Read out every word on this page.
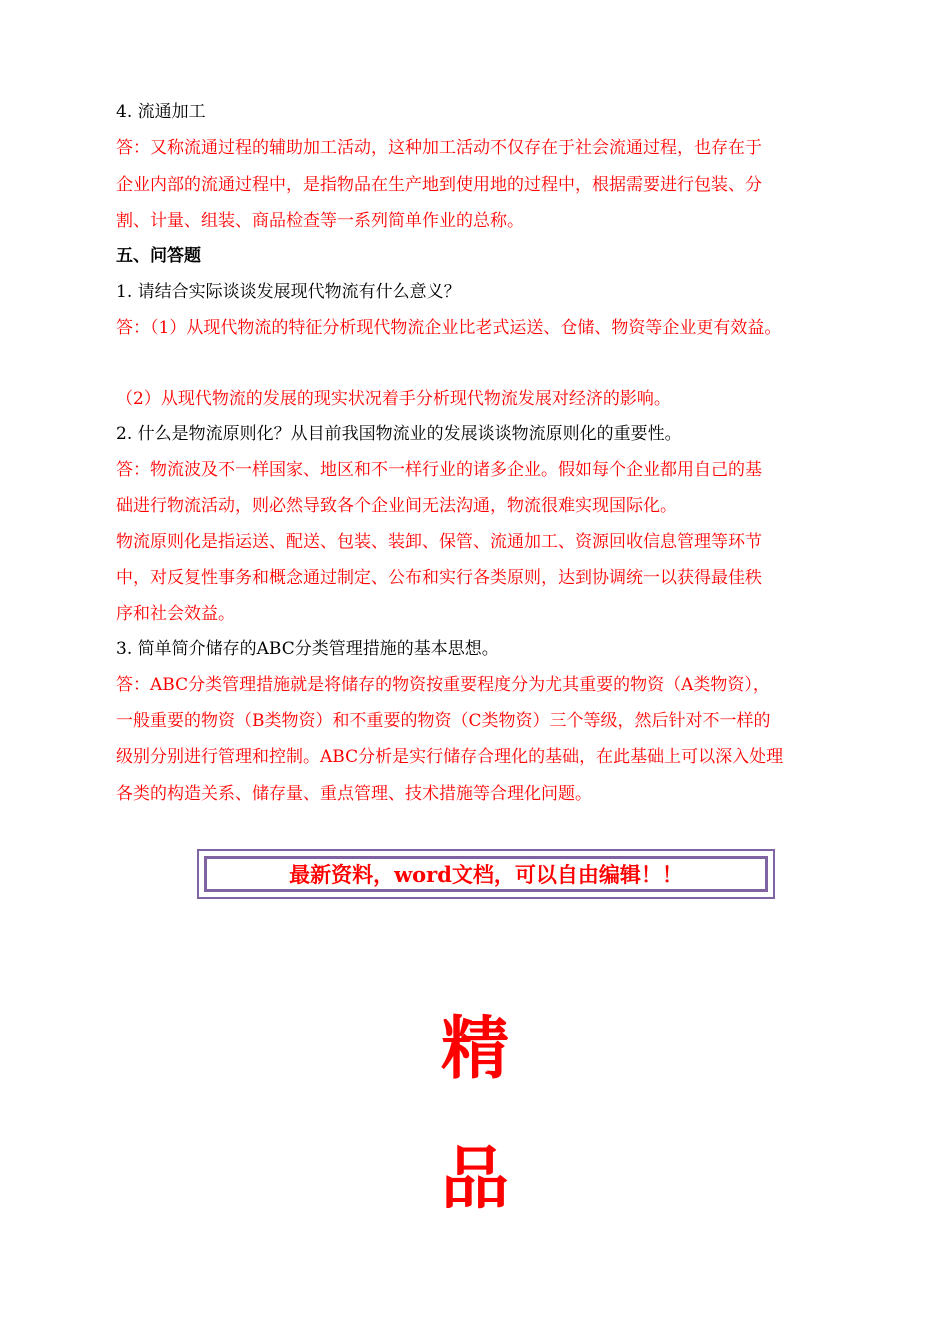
4. 流通加工
答：又称流通过程的辅助加工活动，这种加工活动不仅存在于社会流通过程，也存在于
企业内部的流通过程中，是指物品在生产地到使用地的过程中，根据需要进行包装、分
割、计量、组装、商品检查等一系列简单作业的总称。
五、问答题
1. 请结合实际谈谈发展现代物流有什么意义？
答：（1）从现代物流的特征分析现代物流企业比老式运送、仓储、物资等企业更有效益。
（2）从现代物流的发展的现实状况着手分析现代物流发展对经济的影响。
2. 什么是物流原则化？从目前我国物流业的发展谈谈物流原则化的重要性。
答：物流波及不一样国家、地区和不一样行业的诸多企业。假如每个企业都用自己的基
础进行物流活动，则必然导致各个企业间无法沟通，物流很难实现国际化。
物流原则化是指运送、配送、包装、装卸、保管、流通加工、资源回收信息管理等环节
中，对反复性事务和概念通过制定、公布和实行各类原则，达到协调统一以获得最佳秩
序和社会效益。
3. 简单简介储存的ABC分类管理措施的基本思想。
答：ABC分类管理措施就是将储存的物资按重要程度分为尤其重要的物资（A类物资），
一般重要的物资（B类物资）和不重要的物资（C类物资）三个等级，然后针对不一样的
级别分别进行管理和控制。ABC分析是实行储存合理化的基础，在此基础上可以深入处理
各类的构造关系、储存量、重点管理、技术措施等合理化问题。
最新资料，word文档，可以自由编辑！！
精
品
